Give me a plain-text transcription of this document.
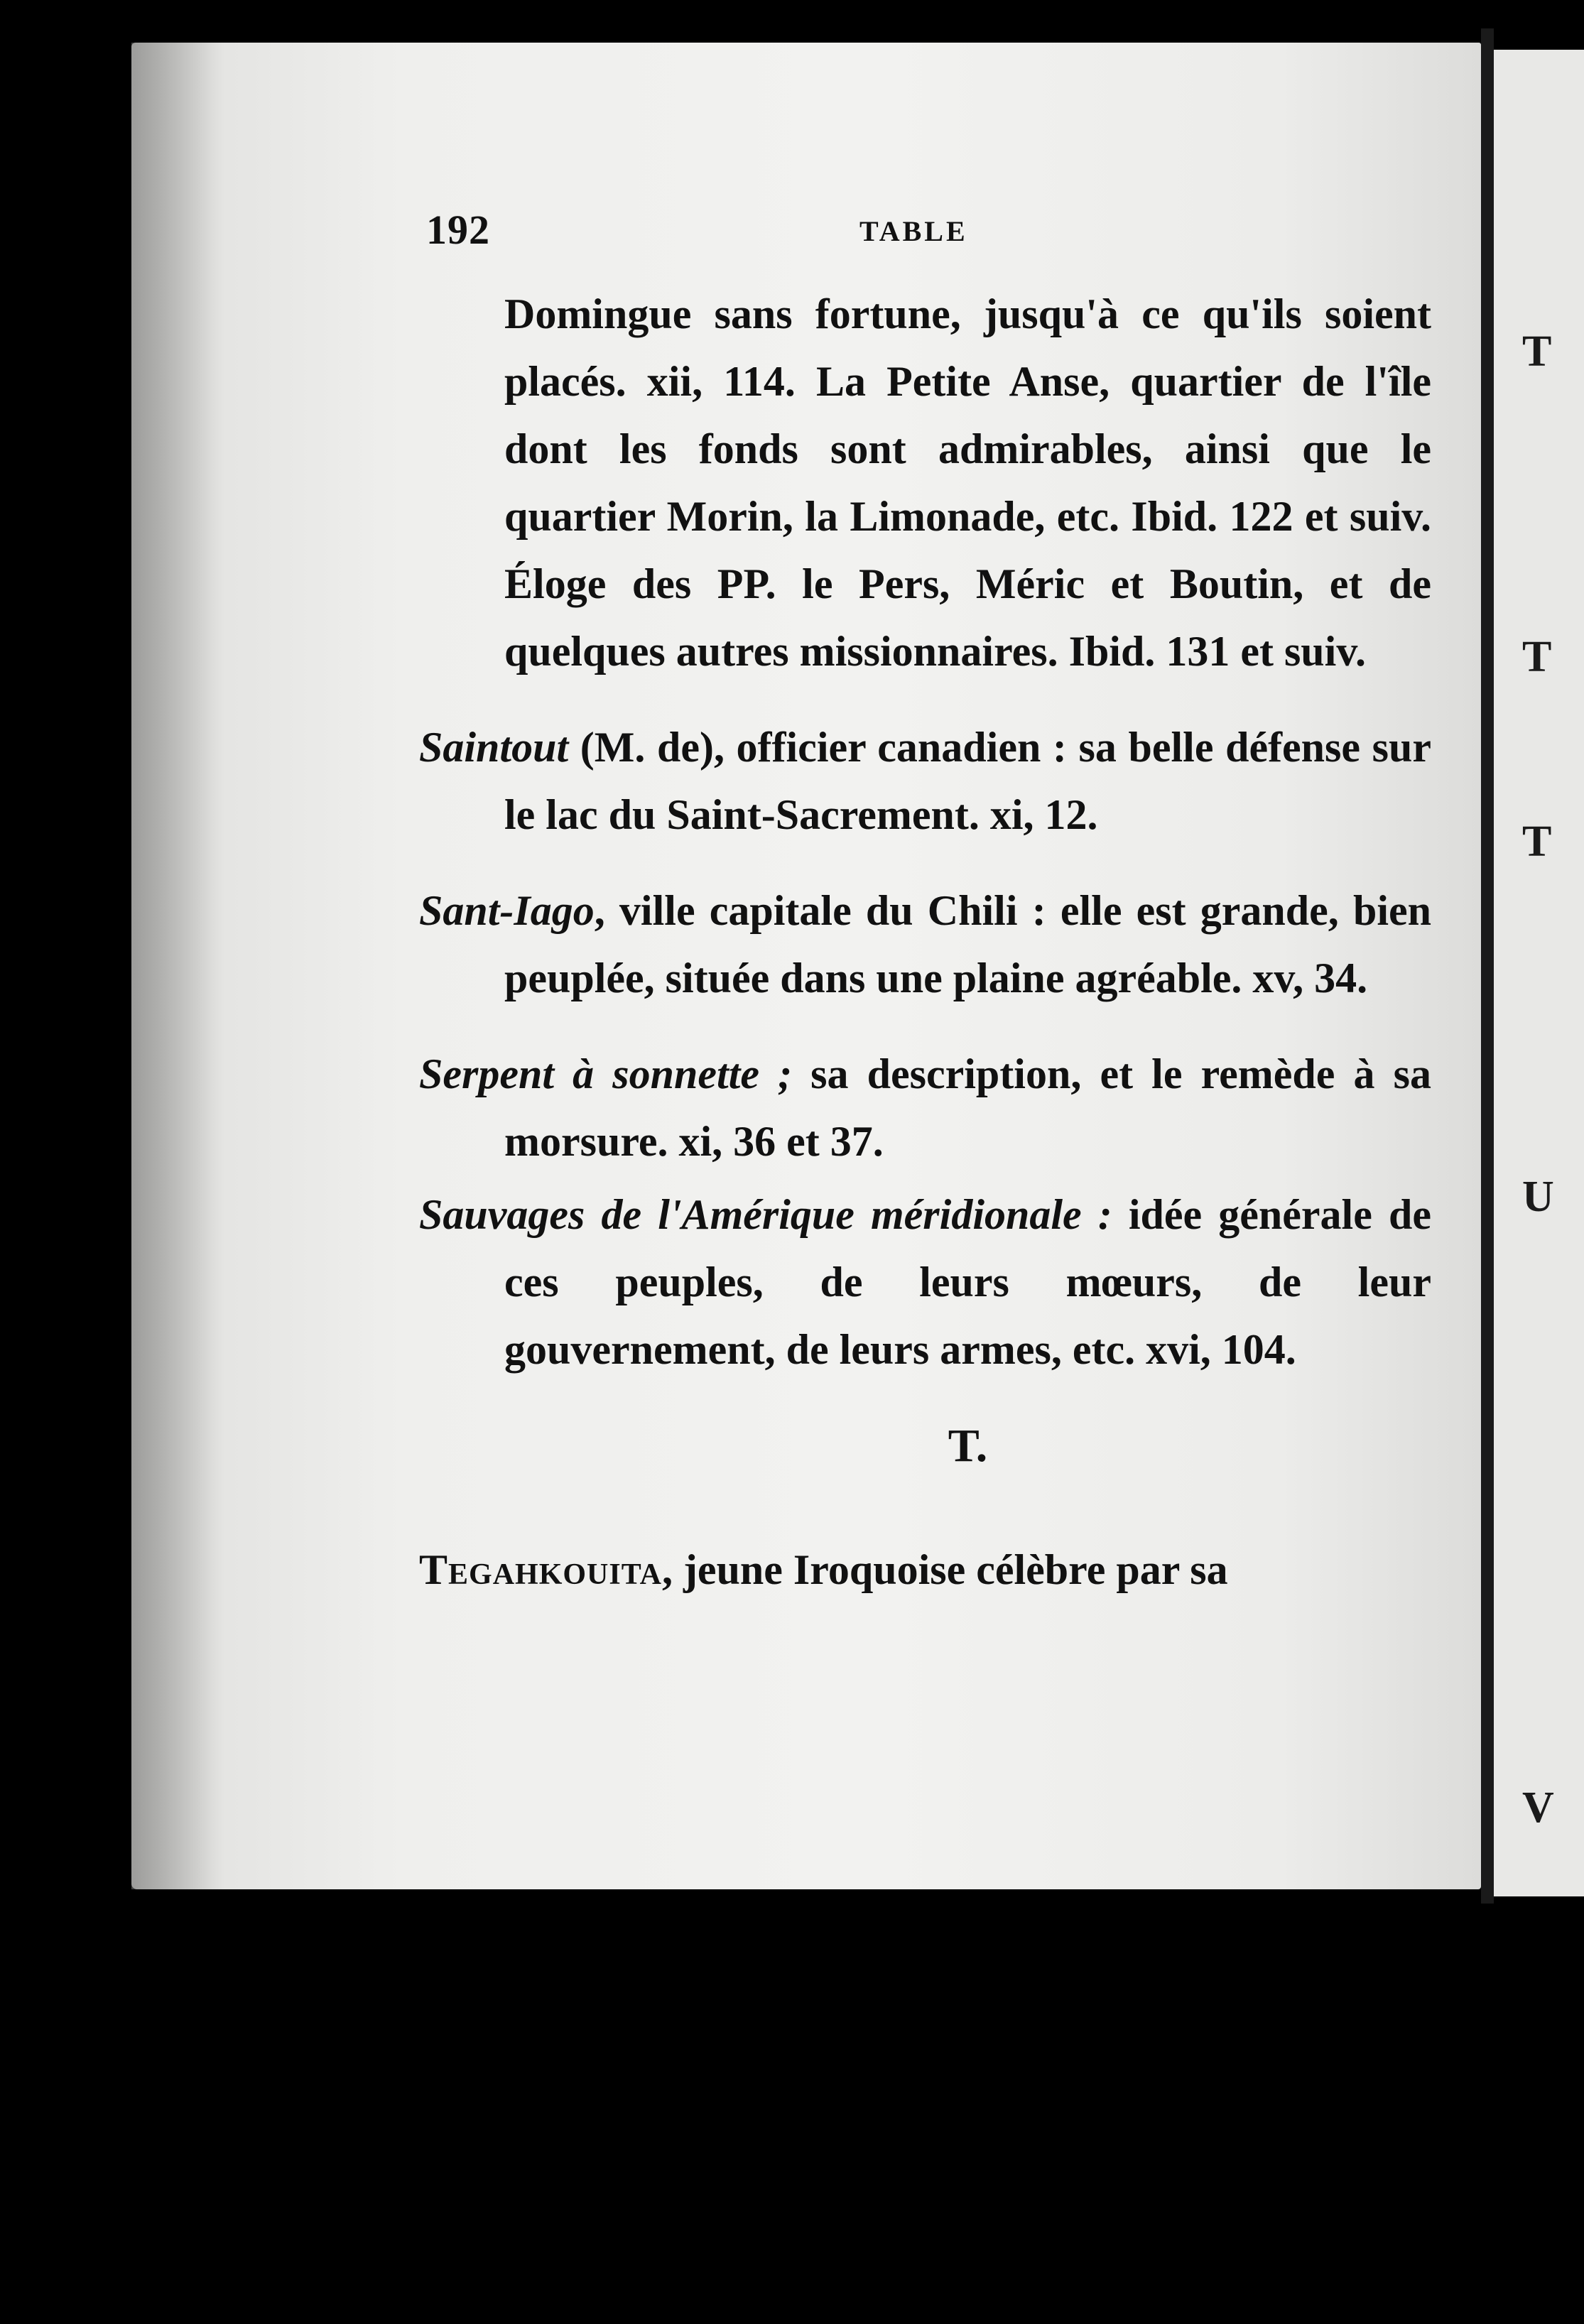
T
T
T
U
V
192	TABLE

Domingue sans fortune, jusqu'à ce qu'ils soient placés. xii, 114. La Petite Anse, quartier de l'île dont les fonds sont admirables, ainsi que le quartier Morin, la Limonade, etc. Ibid. 122 et suiv. Éloge des PP. le Pers, Méric et Boutin, et de quelques autres missionnaires. Ibid. 131 et suiv.

Saintout (M. de), officier canadien : sa belle défense sur le lac du Saint-Sacrement. xi, 12.

Sant-Iago, ville capitale du Chili : elle est grande, bien peuplée, située dans une plaine agréable. xv, 34.

Serpent à sonnette ; sa description, et le remède à sa morsure. xi, 36 et 37.

Sauvages de l'Amérique méridionale : idée générale de ces peuples, de leurs mœurs, de leur gouvernement, de leurs armes, etc. xvi, 104.

T.

Tegahkouita, jeune Iroquoise célèbre par sa
